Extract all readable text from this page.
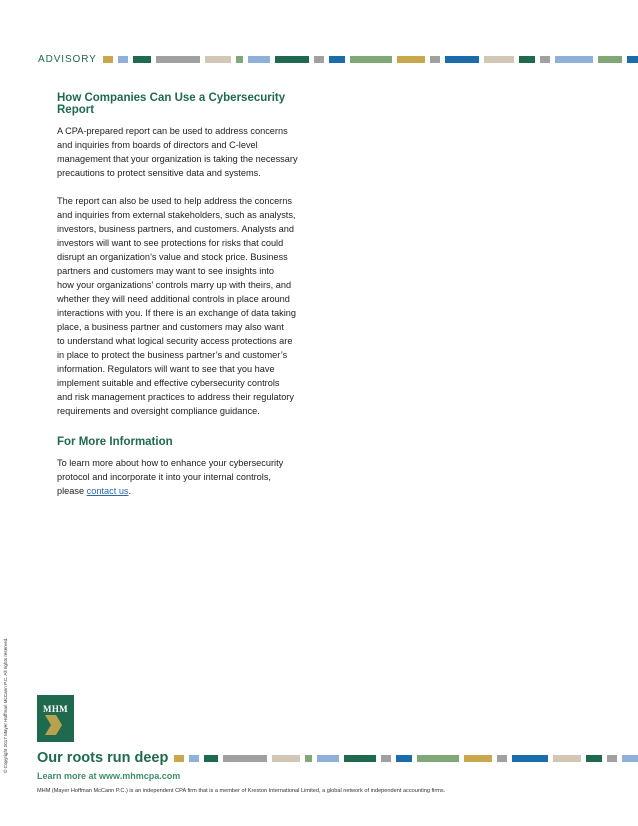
ADVISORY
© Copyright 2017 Mayer Hoffman McCann P.C. All rights reserved.
How Companies Can Use a Cybersecurity Report
A CPA-prepared report can be used to address concerns
and inquiries from boards of directors and C-level
management that your organization is taking the necessary
precautions to protect sensitive data and systems.
The report can also be used to help address the concerns
and inquiries from external stakeholders, such as analysts,
investors, business partners, and customers. Analysts and
investors will want to see protections for risks that could
disrupt an organization’s value and stock price. Business
partners and customers may want to see insights into
how your organizations’ controls marry up with theirs, and
whether they will need additional controls in place around
interactions with you. If there is an exchange of data taking
place, a business partner and customers may also want
to understand what logical security access protections are
in place to protect the business partner’s and customer’s
information. Regulators will want to see that you have
implement suitable and effective cybersecurity controls
and risk management practices to address their regulatory
requirements and oversight compliance guidance.
For More Information
To learn more about how to enhance your cybersecurity
protocol and incorporate it into your internal controls,
please contact us.
MHM
Our roots run deep
Learn more at www.mhmcpa.com
MHM (Mayer Hoffman McCann P.C.) is an independent CPA firm that is a member of Kreston International Limited, a global network of independent accounting firms.
